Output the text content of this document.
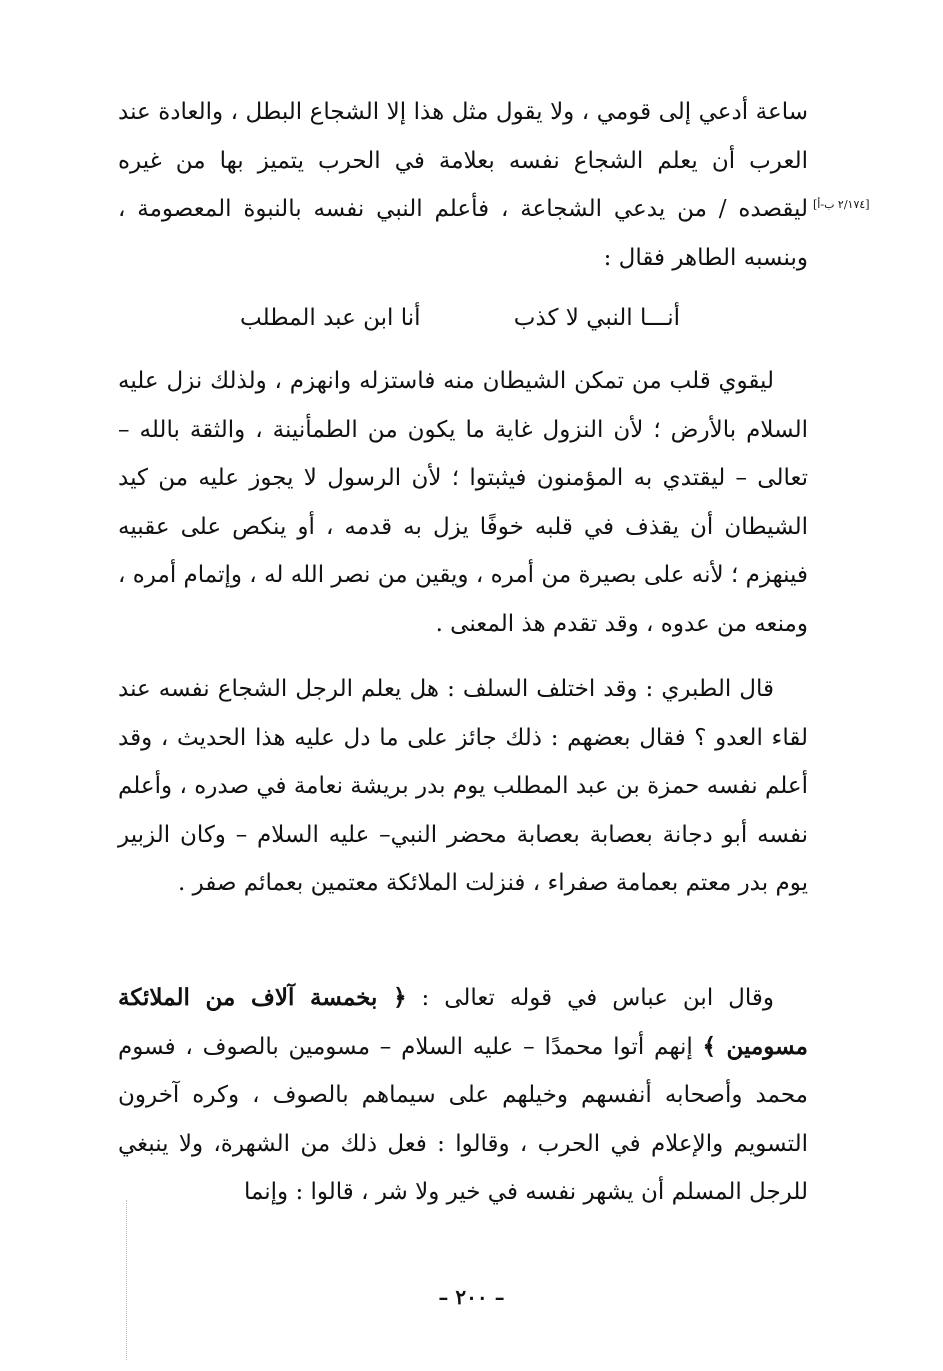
[٢/١٧٤ ب-أ]

ساعة أدعي إلى قومي ، ولا يقول مثل هذا إلا الشجاع البطل ، والعادة عند العرب أن يعلم الشجاع نفسه بعلامة في الحرب يتميز بها من غيره ليقصده / من يدعي الشجاعة ، فأعلم النبي نفسه بالنبوة المعصومة ، وبنسبه الطاهر فقال :

أنـــا النبي لا كذب
أنا ابن عبد المطلب

ليقوي قلب من تمكن الشيطان منه فاستزله وانهزم ، ولذلك نزل عليه السلام بالأرض ؛ لأن النزول غاية ما يكون من الطمأنينة ، والثقة بالله – تعالى – ليقتدي به المؤمنون فيثبتوا ؛ لأن الرسول لا يجوز عليه من كيد الشيطان أن يقذف في قلبه خوفًا يزل به قدمه ، أو ينكص على عقبيه فينهزم ؛ لأنه على بصيرة من أمره ، ويقين من نصر الله له ، وإتمام أمره ، ومنعه من عدوه ، وقد تقدم هذ المعنى .

قال الطبري : وقد اختلف السلف : هل يعلم الرجل الشجاع نفسه عند لقاء العدو ؟ فقال بعضهم : ذلك جائز على ما دل عليه هذا الحديث ، وقد أعلم نفسه حمزة بن عبد المطلب يوم بدر بريشة نعامة في صدره ، وأعلم نفسه أبو دجانة بعصابة بعصابة محضر النبي– عليه السلام – وكان الزبير يوم بدر معتم بعمامة صفراء ، فنزلت الملائكة معتمين بعمائم صفر .

وقال ابن عباس في قوله تعالى : ﴿ بخمسة آلاف من الملائكة مسومين ﴾ إنهم أتوا محمدًا – عليه السلام – مسومين بالصوف ، فسوم محمد وأصحابه أنفسهم وخيلهم على سيماهم بالصوف ، وكره آخرون التسويم والإعلام في الحرب ، وقالوا : فعل ذلك من الشهرة، ولا ينبغي للرجل المسلم أن يشهر نفسه في خير ولا شر ، قالوا : وإنما

– ٢٠٠ –
